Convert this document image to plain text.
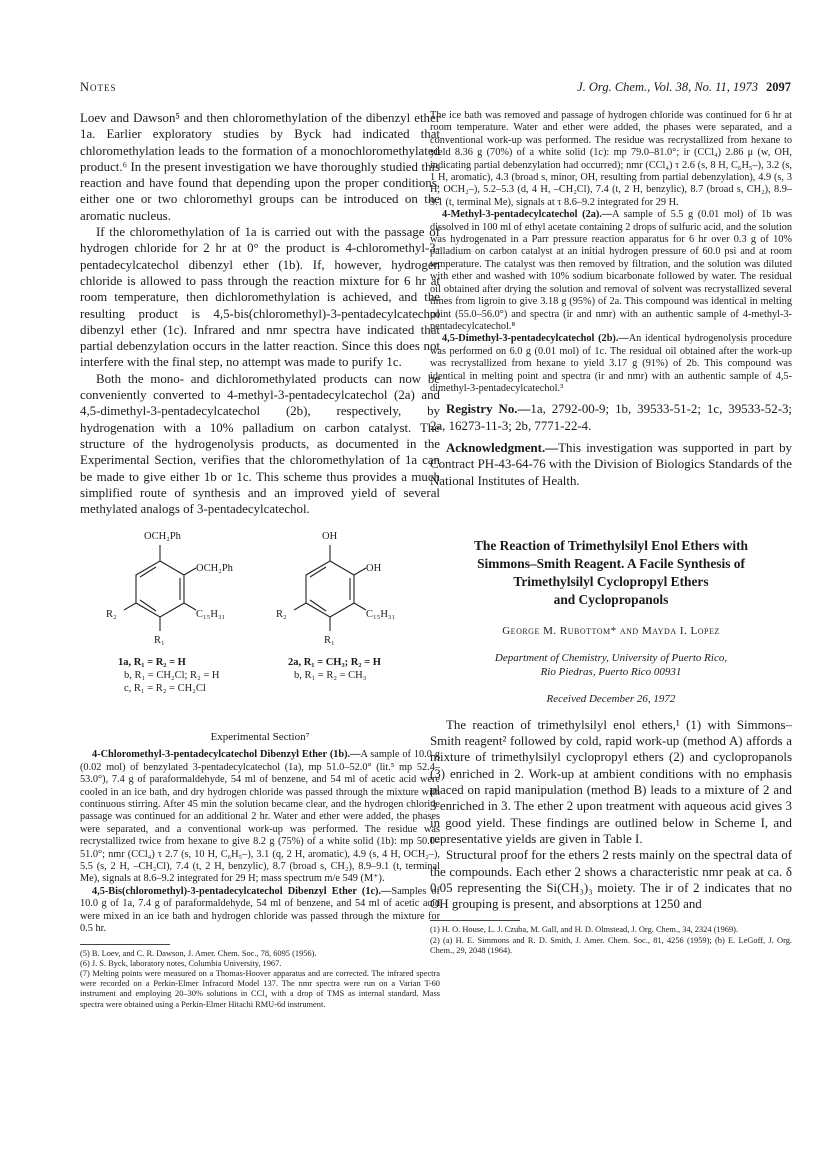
Notes	J. Org. Chem., Vol. 38, No. 11, 1973 2097

Loev and Dawson⁵ and then chloromethylation of the dibenzyl ether 1a. Earlier exploratory studies by Byck had indicated that chloromethylation leads to the formation of a monochloromethylated product.⁶ In the present investigation we have thoroughly studied this reaction and have found that depending upon the proper conditions, either one or two chloromethyl groups can be introduced on the aromatic nucleus.

If the chloromethylation of 1a is carried out with the passage of hydrogen chloride for 2 hr at 0° the product is 4-chloromethyl-3-pentadecylcatechol dibenzyl ether (1b). If, however, hydrogen chloride is allowed to pass through the reaction mixture for 6 hr at room temperature, then dichloromethylation is achieved, and the resulting product is 4,5-bis(chloromethyl)-3-pentadecylcatechol dibenzyl ether (1c). Infrared and nmr spectra have indicated that partial debenzylation occurs in the latter reaction. Since this does not interfere with the final step, no attempt was made to purify 1c.

Both the mono- and dichloromethylated products can now be conveniently converted to 4-methyl-3-pentadecylcatechol (2a) and 4,5-dimethyl-3-pentadecylcatechol (2b), respectively, by hydrogenation with a 10% palladium on carbon catalyst. The structure of the hydrogenolysis products, as documented in the Experimental Section, verifies that the chloromethylation of 1a can be made to give either 1b or 1c. This scheme thus provides a much simplified route of synthesis and an improved yield of several methylated analogs of 3-pentadecylcatechol.

OCH₂Ph
OCH₂Ph
R₂	C₁₅H₃₁
R₁
1a, R₁ = R₂ = H
b, R₁ = CH₂Cl; R₂ = H
c, R₁ = R₂ = CH₂Cl
OH
OH
R₂	C₁₅H₃₁
R₁
2a, R₁ = CH₃; R₂ = H
b, R₁ = R₂ = CH₃
Experimental Section⁷

4-Chloromethyl-3-pentadecylcatechol Dibenzyl Ether (1b).—A sample of 10.0 g (0.02 mol) of benzylated 3-pentadecylcatechol (1a), mp 51.0–52.0° (lit.⁵ mp 52.4–53.0°), 7.4 g of paraformaldehyde, 54 ml of benzene, and 54 ml of acetic acid were cooled in an ice bath, and dry hydrogen chloride was passed through the mixture with continuous stirring. After 45 min the solution became clear, and the hydrogen chloride passage was continued for an additional 2 hr. Water and ether were added, the phases were separated, and a conventional work-up was performed. The residue was recrystallized twice from hexane to give 8.2 g (75%) of a white solid (1b): mp 50.0–51.0°; nmr (CCl₄) τ 2.7 (s, 10 H, C₆H₅–), 3.1 (q, 2 H, aromatic), 4.9 (s, 4 H, OCH₂–), 5.5 (s, 2 H, –CH₂Cl), 7.4 (t, 2 H, benzylic), 8.7 (broad s, CH₂), 8.9–9.1 (t, terminal Me), signals at 8.6–9.2 integrated for 29 H; mass spectrum m/e 549 (M⁺).

4,5-Bis(chloromethyl)-3-pentadecylcatechol Dibenzyl Ether (1c).—Samples of 10.0 g of 1a, 7.4 g of paraformaldehyde, 54 ml of benzene, and 54 ml of acetic acid were mixed in an ice bath and hydrogen chloride was passed through the mixture for 0.5 hr.

(5) B. Loev, and C. R. Dawson, J. Amer. Chem. Soc., 78, 6095 (1956).

(6) J. S. Byck, laboratory notes, Columbia University, 1967.

(7) Melting points were measured on a Thomas-Hoover apparatus and are corrected. The infrared spectra were recorded on a Perkin-Elmer Infracord Model 137. The nmr spectra were run on a Varian T-60 instrument and employing 20–30% solutions in CCl₄ with a drop of TMS as internal standard. Mass spectra were obtained using a Perkin-Elmer Hitachi RMU-6d instrument.

The ice bath was removed and passage of hydrogen chloride was continued for 6 hr at room temperature. Water and ether were added, the phases were separated, and a conventional work-up was performed. The residue was recrystallized from hexane to yield 8.36 g (70%) of a white solid (1c): mp 79.0–81.0°; ir (CCl₄) 2.86 μ (w, OH, indicating partial debenzylation had occurred); nmr (CCl₄) τ 2.6 (s, 8 H, C₆H₅–), 3.2 (s, 1 H, aromatic), 4.3 (broad s, minor, OH, resulting from partial debenzylation), 4.9 (s, 3 H, OCH₂–), 5.2–5.3 (d, 4 H, –CH₂Cl), 7.4 (t, 2 H, benzylic), 8.7 (broad s, CH₂), 8.9–9.1 (t, terminal Me), signals at τ 8.6–9.2 integrated for 29 H.

4-Methyl-3-pentadecylcatechol (2a).—A sample of 5.5 g (0.01 mol) of 1b was dissolved in 100 ml of ethyl acetate containing 2 drops of sulfuric acid, and the solution was hydrogenated in a Parr pressure reaction apparatus for 6 hr over 0.3 g of 10% palladium on carbon catalyst at an initial hydrogen pressure of 60.0 psi and at room temperature. The catalyst was then removed by filtration, and the solution was diluted with ether and washed with 10% sodium bicarbonate followed by water. The residual oil obtained after drying the solution and removal of solvent was recrystallized several times from ligroin to give 3.18 g (95%) of 2a. This compound was identical in melting point (55.0–56.0°) and spectra (ir and nmr) with an authentic sample of 4-methyl-3-pentadecylcatechol.⁸

4,5-Dimethyl-3-pentadecylcatechol (2b).—An identical hydrogenolysis procedure was performed on 6.0 g (0.01 mol) of 1c. The residual oil obtained after the work-up was recrystallized from hexane to yield 3.17 g (91%) of 2b. This compound was identical in melting point and spectra (ir and nmr) with an authentic sample of 4,5-dimethyl-3-pentadecylcatechol.³

Registry No.—1a, 2792-00-9; 1b, 39533-51-2; 1c, 39533-52-3; 2a, 16273-11-3; 2b, 7771-22-4.

Acknowledgment.—This investigation was supported in part by Contract PH-43-64-76 with the Division of Biologics Standards of the National Institutes of Health.

The Reaction of Trimethylsilyl Enol Ethers with
Simmons–Smith Reagent. A Facile Synthesis of
Trimethylsilyl Cyclopropyl Ethers
and Cyclopropanols
George M. Rubottom* and Mayda I. Lopez
Department of Chemistry, University of Puerto Rico,
Rio Piedras, Puerto Rico 00931
Received December 26, 1972

The reaction of trimethylsilyl enol ethers,¹ (1) with Simmons–Smith reagent² followed by cold, rapid work-up (method A) affords a mixture of trimethylsilyl cyclopropyl ethers (2) and cyclopropanols (3) enriched in 2. Work-up at ambient conditions with no emphasis placed on rapid manipulation (method B) leads to a mixture of 2 and 3 enriched in 3. The ether 2 upon treatment with aqueous acid gives 3 in good yield. These findings are outlined below in Scheme I, and representative yields are given in Table I.

Structural proof for the ethers 2 rests mainly on the spectral data of the compounds. Each ether 2 shows a characteristic nmr peak at ca. δ 0.05 representing the Si(CH₃)₃ moiety. The ir of 2 indicates that no OH grouping is present, and absorptions at 1250 and

(1) H. O. House, L. J. Czuba, M. Gall, and H. D. Olmstead, J. Org. Chem., 34, 2324 (1969).

(2) (a) H. E. Simmons and R. D. Smith, J. Amer. Chem. Soc., 81, 4256 (1959); (b) E. LeGoff, J. Org. Chem., 29, 2048 (1964).
